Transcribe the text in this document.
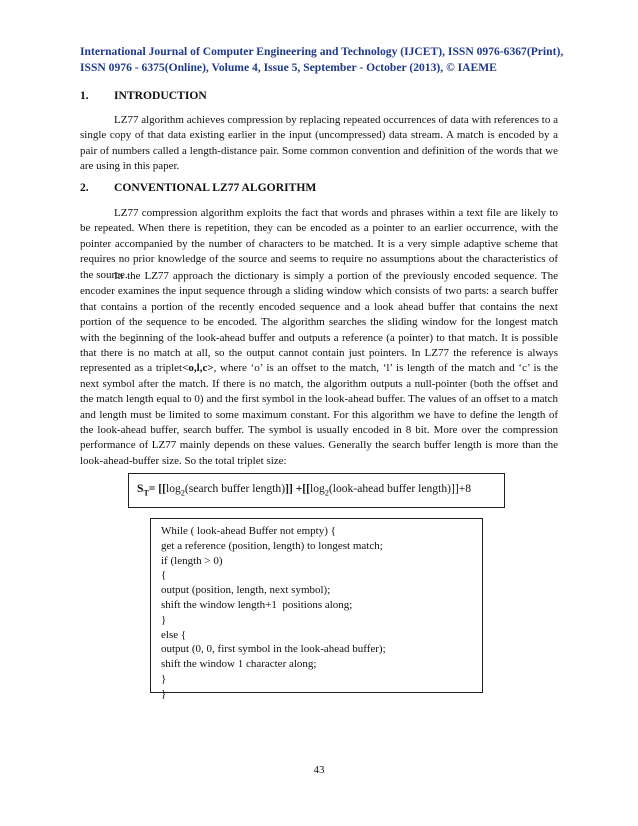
International Journal of Computer Engineering and Technology (IJCET), ISSN 0976-6367(Print),
ISSN 0976 - 6375(Online), Volume 4, Issue 5, September - October (2013), © IAEME
1. INTRODUCTION

LZ77 algorithm achieves compression by replacing repeated occurrences of data with references to a single copy of that data existing earlier in the input (uncompressed) data stream. A match is encoded by a pair of numbers called a length-distance pair. Some common convention and definition of the words that we are using in this paper.

2. CONVENTIONAL LZ77 ALGORITHM

LZ77 compression algorithm exploits the fact that words and phrases within a text file are likely to be repeated. When there is repetition, they can be encoded as a pointer to an earlier occurrence, with the pointer accompanied by the number of characters to be matched. It is a very simple adaptive scheme that requires no prior knowledge of the source and seems to require no assumptions about the characteristics of the source.

In the LZ77 approach the dictionary is simply a portion of the previously encoded sequence. The encoder examines the input sequence through a sliding window which consists of two parts: a search buffer that contains a portion of the recently encoded sequence and a look ahead buffer that contains the next portion of the sequence to be encoded. The algorithm searches the sliding window for the longest match with the beginning of the look-ahead buffer and outputs a reference (a pointer) to that match. It is possible that there is no match at all, so the output cannot contain just pointers. In LZ77 the reference is always represented as a triplet<o,l,c>, where ‘o’ is an offset to the match, ‘l’ is length of the match and ‘c’ is the next symbol after the match. If there is no match, the algorithm outputs a null-pointer (both the offset and the match length equal to 0) and the first symbol in the look-ahead buffer. The values of an offset to a match and length must be limited to some maximum constant. For this algorithm we have to define the length of the look-ahead buffer, search buffer. The symbol is usually encoded in 8 bit. More over the compression performance of LZ77 mainly depends on these values. Generally the search buffer length is more than the look-ahead-buffer size. So the total triplet size:

$S_T=$ [[$\log_2(search$ buffer length)]] $+[[\log_2(look$-ahead buffer length)]]+8
While ( look-ahead Buffer not empty) {
get a reference (position, length) to longest match;
if (length > 0)
{
output (position, length, next symbol);
shift the window length+1  positions along;
}
else {
output (0, 0, first symbol in the look-ahead buffer);
shift the window 1 character along;
}
}
43
